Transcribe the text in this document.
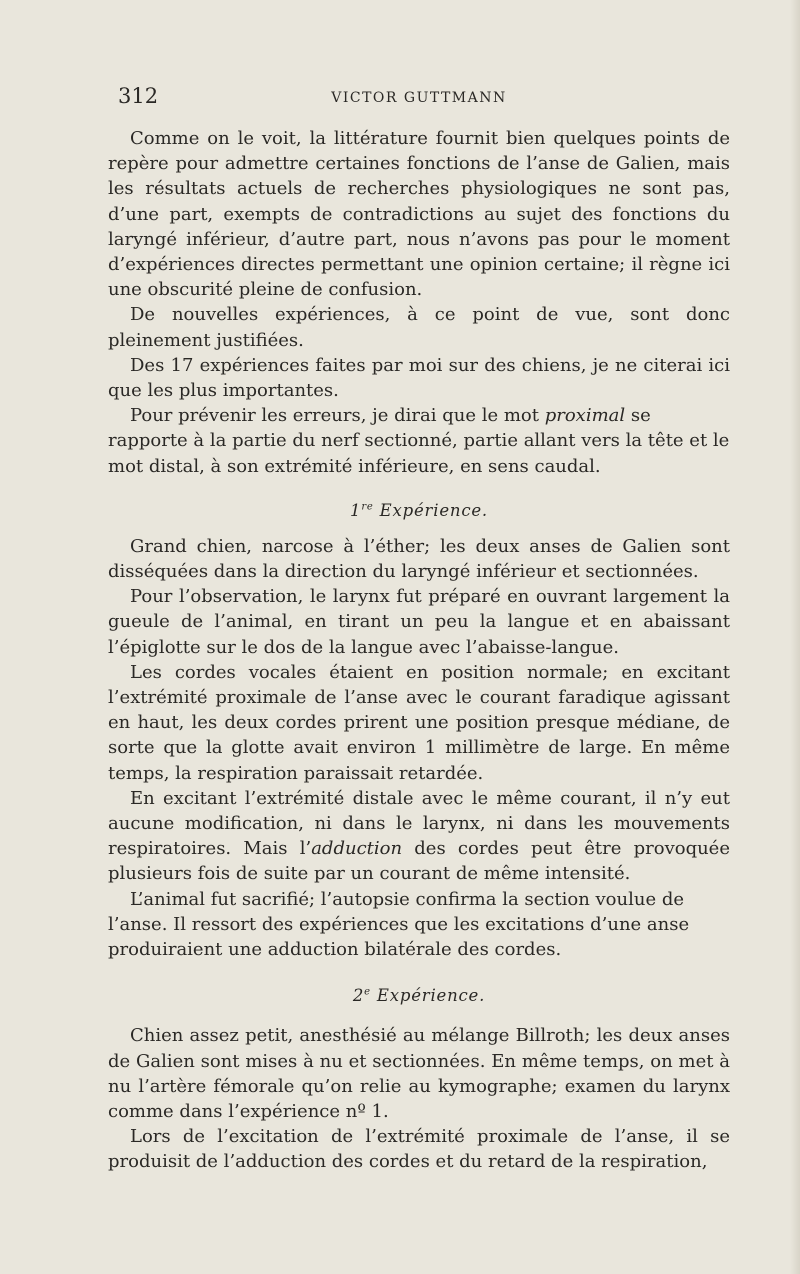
312	VICTOR GUTTMANN

Comme on le voit, la littérature fournit bien quelques points de repère pour admettre certaines fonctions de l’anse de Galien, mais les résultats actuels de recherches physiologiques ne sont pas, d’une part, exempts de contradictions au sujet des fonctions du laryngé inférieur, d’autre part, nous n’avons pas pour le moment d’expériences directes permettant une opinion certaine; il règne ici une obscurité pleine de confusion.

De nouvelles expériences, à ce point de vue, sont donc pleinement justifiées.

Des 17 expériences faites par moi sur des chiens, je ne citerai ici que les plus importantes.

Pour prévenir les erreurs, je dirai que le mot proximal se rapporte à la partie du nerf sectionné, partie allant vers la tête et le mot distal, à son extrémité inférieure, en sens caudal.

1re Expérience.

Grand chien, narcose à l’éther; les deux anses de Galien sont disséquées dans la direction du laryngé inférieur et sectionnées.

Pour l’observation, le larynx fut préparé en ouvrant largement la gueule de l’animal, en tirant un peu la langue et en abaissant l’épiglotte sur le dos de la langue avec l’abaisse-langue.

Les cordes vocales étaient en position normale; en excitant l’extrémité proximale de l’anse avec le courant faradique agissant en haut, les deux cordes prirent une position presque médiane, de sorte que la glotte avait environ 1 millimètre de large. En même temps, la respiration paraissait retardée.

En excitant l’extrémité distale avec le même courant, il n’y eut aucune modification, ni dans le larynx, ni dans les mouvements respiratoires. Mais l’adduction des cordes peut être provoquée plusieurs fois de suite par un courant de même intensité.

L’animal fut sacrifié; l’autopsie confirma la section voulue de l’anse. Il ressort des expériences que les excitations d’une anse produiraient une adduction bilatérale des cordes.

2e Expérience.

Chien assez petit, anesthésié au mélange Billroth; les deux anses de Galien sont mises à nu et sectionnées. En même temps, on met à nu l’artère fémorale qu’on relie au kymographe; examen du larynx comme dans l’expérience nº 1.

Lors de l’excitation de l’extrémité proximale de l’anse, il se produisit de l’adduction des cordes et du retard de la respiration,
